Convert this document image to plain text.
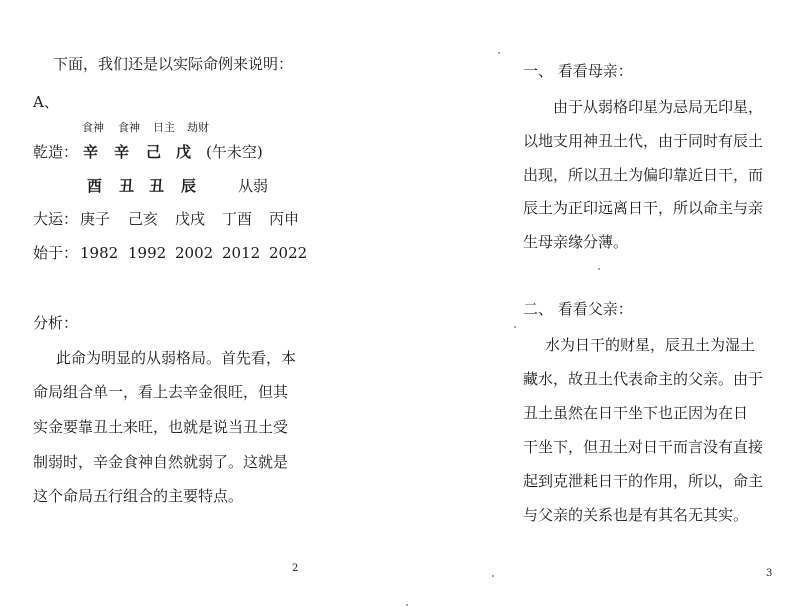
下面，我们还是以实际命例来说明：
A、
食神 食神 日主 劫财
乾造： 辛 辛 己 戊 (午未空)
酉 丑 丑 辰	从弱
大运： 庚子 己亥 戊戌 丁酉 丙申
始于： 1982 1992 2002 2012 2022
分析：
此命为明显的从弱格局。首先看，本
命局组合单一，看上去辛金很旺，但其
实金要靠丑土来旺，也就是说当丑土受
制弱时，辛金食神自然就弱了。这就是
这个命局五行组合的主要特点。
2
一、 看看母亲：
由于从弱格印星为忌局无印星，
以地支用神丑土代，由于同时有辰土
出现，所以丑土为偏印靠近日干，而
辰土为正印远离日干，所以命主与亲
生母亲缘分薄。
二、 看看父亲：
水为日干的财星，辰丑土为湿土
藏水，故丑土代表命主的父亲。由于
丑土虽然在日干坐下也正因为在日
干坐下，但丑土对日干而言没有直接
起到克泄耗日干的作用，所以，命主
与父亲的关系也是有其名无其实。
3
